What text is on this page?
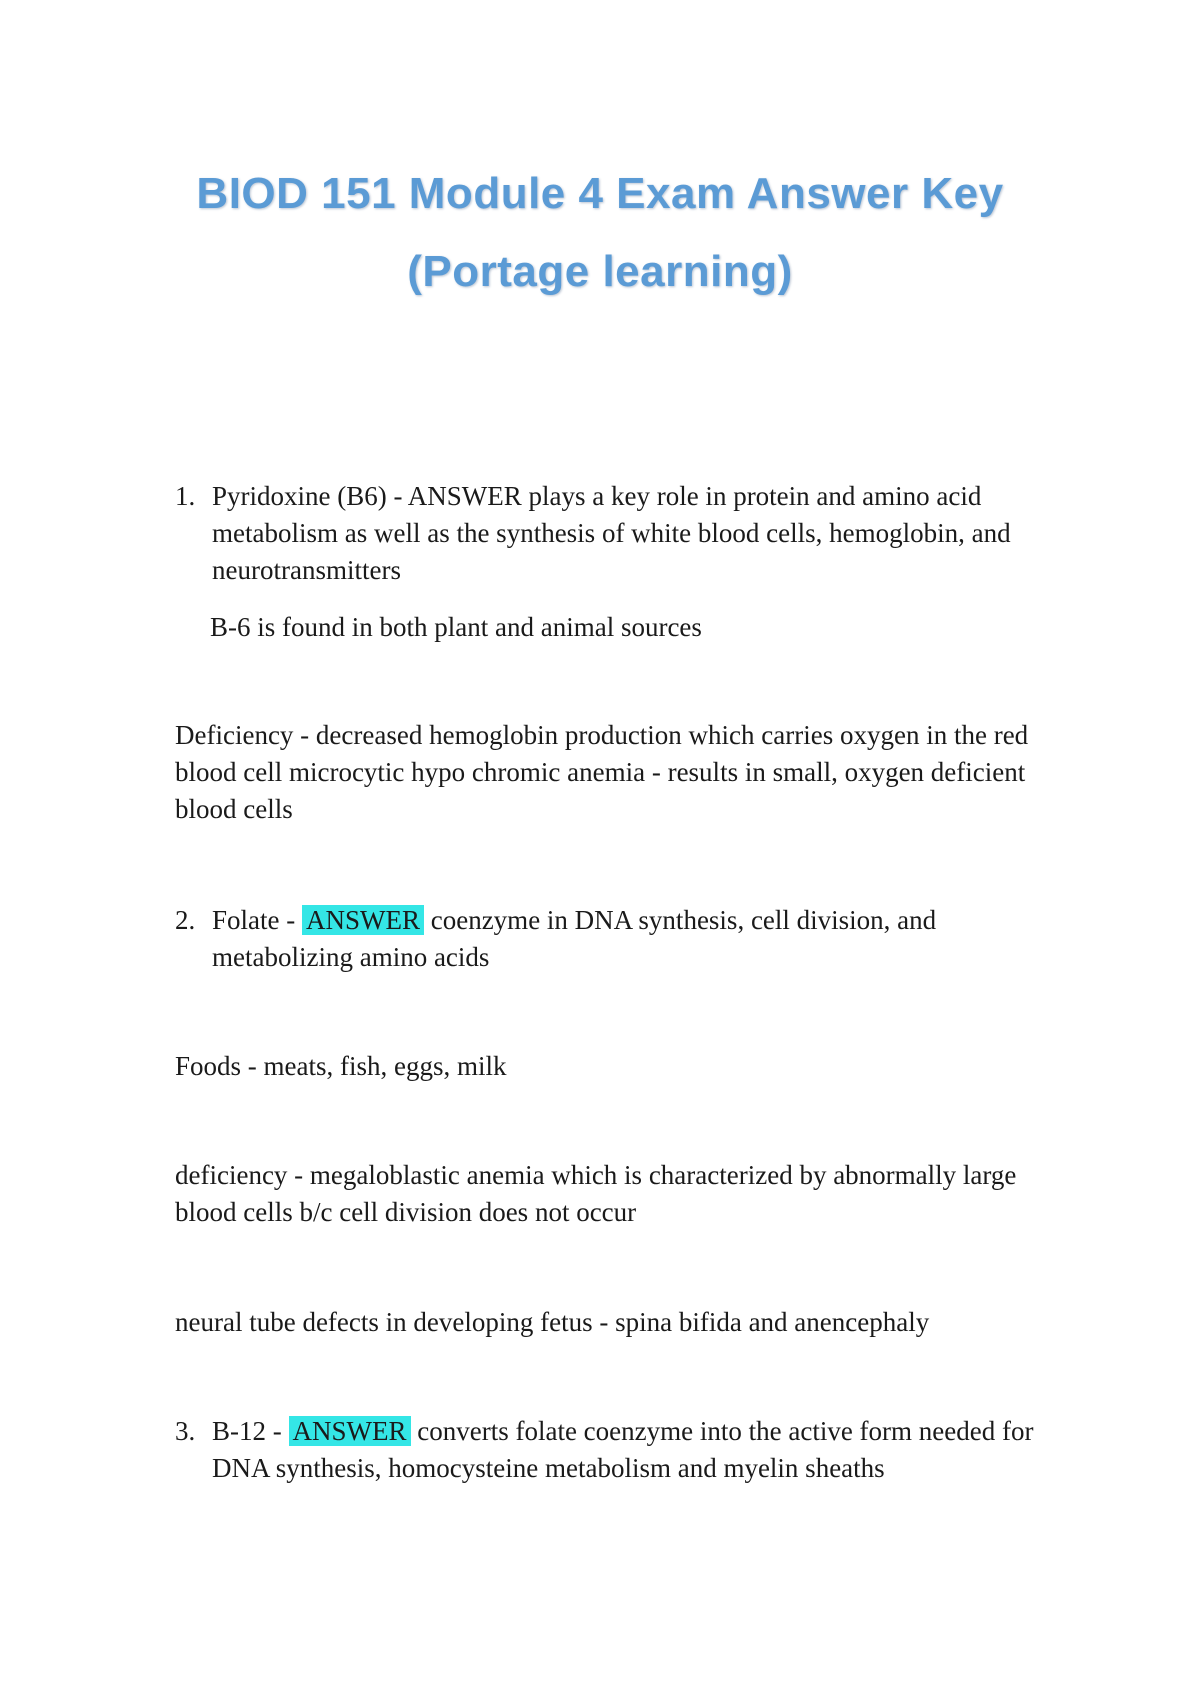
BIOD 151 Module 4 Exam Answer Key
(Portage learning)
1. Pyridoxine (B6) - ANSWER plays a key role in protein and amino acid metabolism as well as the synthesis of white blood cells, hemoglobin, and neurotransmitters
B-6 is found in both plant and animal sources
Deficiency - decreased hemoglobin production which carries oxygen in the red blood cell microcytic hypo chromic anemia - results in small, oxygen deficient blood cells
2. Folate - ANSWER coenzyme in DNA synthesis, cell division, and metabolizing amino acids
Foods - meats, fish, eggs, milk
deficiency - megaloblastic anemia which is characterized by abnormally large blood cells b/c cell division does not occur
neural tube defects in developing fetus - spina bifida and anencephaly
3. B-12 - ANSWER converts folate coenzyme into the active form needed for DNA synthesis, homocysteine metabolism and myelin sheaths
